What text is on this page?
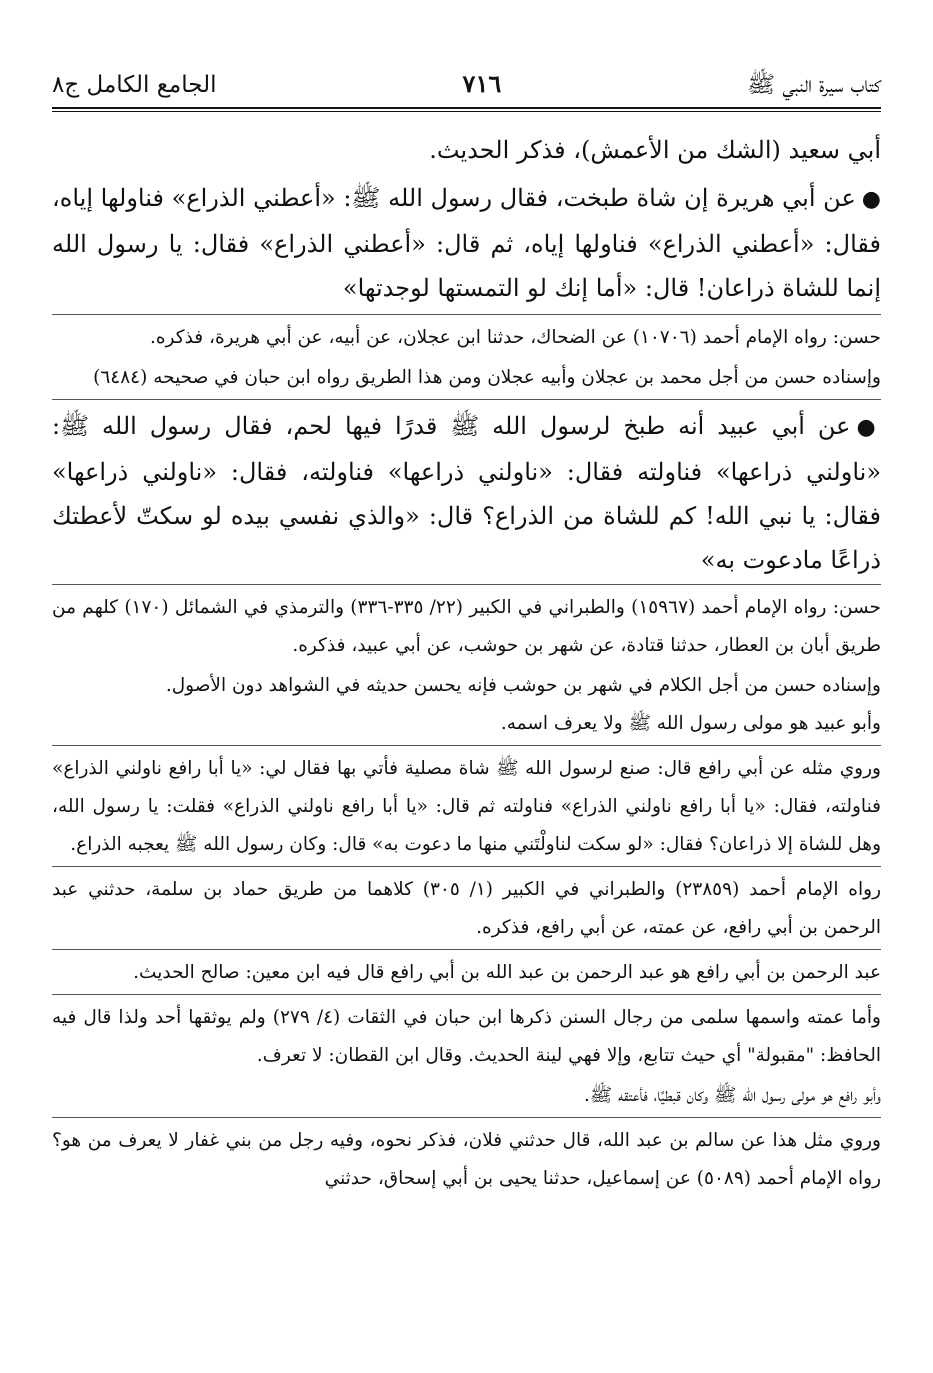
كتاب سيرة النبي ﷺ
٧١٦
الجامع الكامل ج٨

أبي سعيد (الشك من الأعمش)، فذكر الحديث.

●عن أبي هريرة إن شاة طبخت، فقال رسول الله ﷺ: «أعطني الذراع» فناولها إياه، فقال: «أعطني الذراع» فناولها إياه، ثم قال: «أعطني الذراع» فقال: يا رسول الله إنما للشاة ذراعان! قال: «أما إنك لو التمستها لوجدتها»

حسن: رواه الإمام أحمد (١٠٧٠٦) عن الضحاك، حدثنا ابن عجلان، عن أبيه، عن أبي هريرة، فذكره.

وإسناده حسن من أجل محمد بن عجلان وأبيه عجلان ومن هذا الطريق رواه ابن حبان في صحيحه (٦٤٨٤)

●عن أبي عبيد أنه طبخ لرسول الله ﷺ قدرًا فيها لحم، فقال رسول الله ﷺ: «ناولني ذراعها» فناولته فقال: «ناولني ذراعها» فناولته، فقال: «ناولني ذراعها» فقال: يا نبي الله! كم للشاة من الذراع؟ قال: «والذي نفسي بيده لو سكتّ لأعطتك ذراعًا مادعوت به»

حسن: رواه الإمام أحمد (١٥٩٦٧) والطبراني في الكبير (٢٢/ ٣٣٥-٣٣٦) والترمذي في الشمائل (١٧٠) كلهم من طريق أبان بن العطار، حدثنا قتادة، عن شهر بن حوشب، عن أبي عبيد، فذكره.

وإسناده حسن من أجل الكلام في شهر بن حوشب فإنه يحسن حديثه في الشواهد دون الأصول.

وأبو عبيد هو مولى رسول الله ﷺ ولا يعرف اسمه.

وروي مثله عن أبي رافع قال: صنع لرسول الله ﷺ شاة مصلية فأتي بها فقال لي: «يا أبا رافع ناولني الذراع» فناولته، فقال: «يا أبا رافع ناولني الذراع» فناولته ثم قال: «يا أبا رافع ناولني الذراع» فقلت: يا رسول الله، وهل للشاة إلا ذراعان؟ فقال: «لو سكت لناولْتَني منها ما دعوت به» قال: وكان رسول الله ﷺ يعجبه الذراع.

رواه الإمام أحمد (٢٣٨٥٩) والطبراني في الكبير (١/ ٣٠٥) كلاهما من طريق حماد بن سلمة، حدثني عبد الرحمن بن أبي رافع، عن عمته، عن أبي رافع، فذكره.

عبد الرحمن بن أبي رافع هو عبد الرحمن بن عبد الله بن أبي رافع قال فيه ابن معين: صالح الحديث.

وأما عمته واسمها سلمى من رجال السنن ذكرها ابن حبان في الثقات (٤/ ٢٧٩) ولم يوثقها أحد ولذا قال فيه الحافظ: "مقبولة" أي حيث تتابع، وإلا فهي لينة الحديث. وقال ابن القطان: لا تعرف.

وأبو رافع هو مولى رسول الله ﷺ وكان قبطيًا، فأعتقه ﷺ.

وروي مثل هذا عن سالم بن عبد الله، قال حدثني فلان، فذكر نحوه، وفيه رجل من بني غفار لا يعرف من هو؟ رواه الإمام أحمد (٥٠٨٩) عن إسماعيل، حدثنا يحيى بن أبي إسحاق، حدثني
